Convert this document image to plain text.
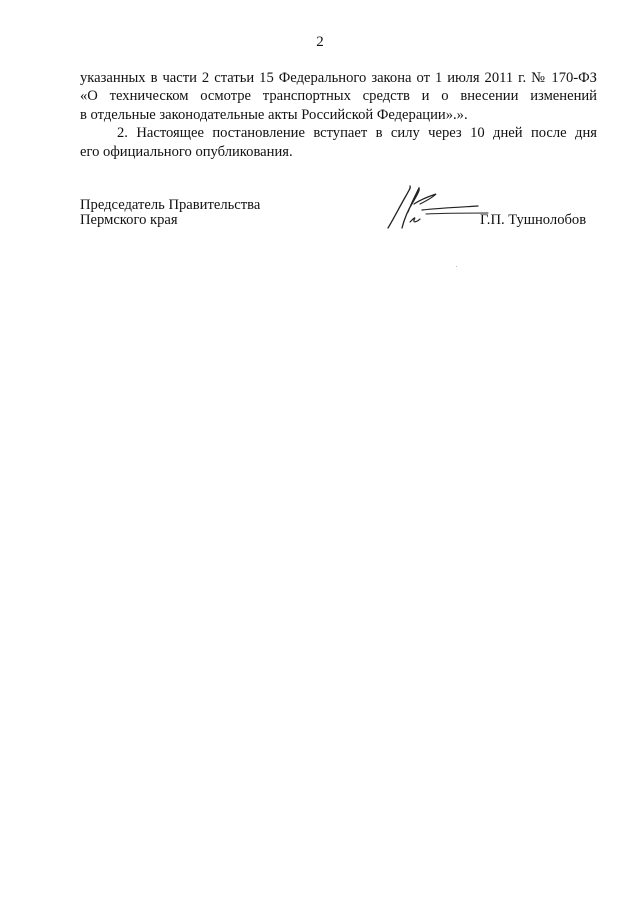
2

указанных в части 2 статьи 15 Федерального закона от 1 июля 2011 г. № 170-ФЗ
«О техническом осмотре транспортных средств и о внесении изменений
в отдельные законодательные акты Российской Федерации».».

2. Настоящее постановление вступает в силу через 10 дней после дня
его официального опубликования.

Председатель Правительства
Пермского края	Г.П. Тушнолобов
